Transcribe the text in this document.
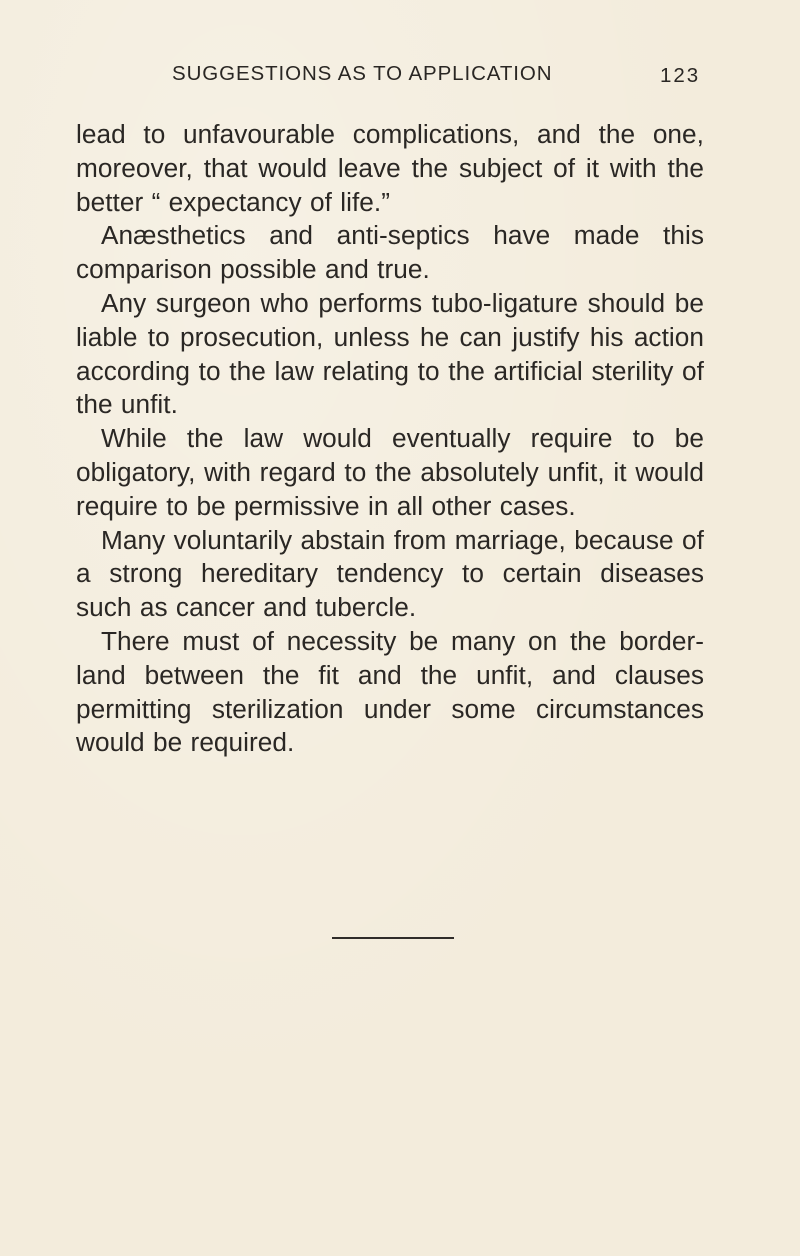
SUGGESTIONS AS TO APPLICATION	123

lead to unfavourable complications, and the one, moreover, that would leave the subject of it with the better “ expectancy of life.”

Anæsthetics and anti-septics have made this comparison possible and true.

Any surgeon who performs tubo-ligature should be liable to prosecution, unless he can justify his action according to the law relating to the artificial sterility of the unfit.

While the law would eventually require to be obligatory, with regard to the absolutely unfit, it would require to be permissive in all other cases.

Many voluntarily abstain from marriage, because of a strong hereditary tendency to certain diseases such as cancer and tubercle.

There must of necessity be many on the border-land between the fit and the unfit, and clauses permitting sterilization under some circumstances would be required.
